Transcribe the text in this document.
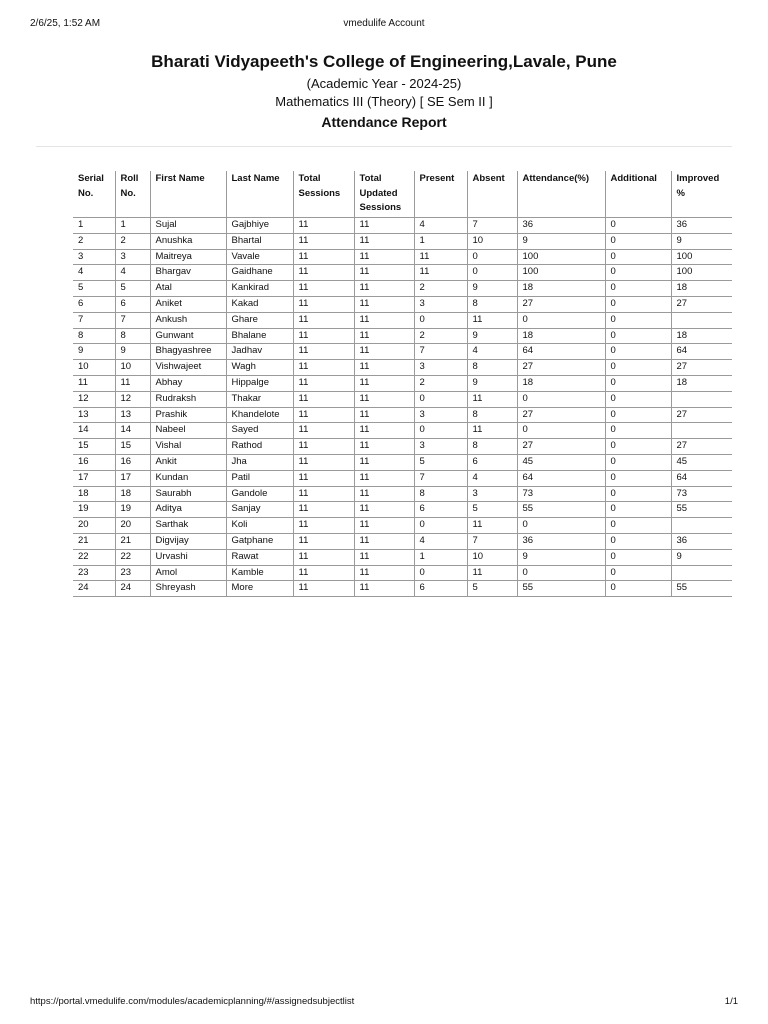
2/6/25, 1:52 AM	vmedulife Account
Bharati Vidyapeeth's College of Engineering,Lavale, Pune
(Academic Year - 2024-25)
Mathematics III (Theory) [ SE Sem II ]
Attendance Report
Serial
No.	Roll
No.	First Name	Last Name	Total
Sessions	Total
Updated
Sessions	Present	Absent	Attendance(%)	Additional	Improved
%
1	1	Sujal	Gajbhiye	11	11	4	7	36	0	36
2	2	Anushka	Bhartal	11	11	1	10	9	0	9
3	3	Maitreya	Vavale	11	11	11	0	100	0	100
4	4	Bhargav	Gaidhane	11	11	11	0	100	0	100
5	5	Atal	Kankirad	11	11	2	9	18	0	18
6	6	Aniket	Kakad	11	11	3	8	27	0	27
7	7	Ankush	Ghare	11	11	0	11	0	0	
8	8	Gunwant	Bhalane	11	11	2	9	18	0	18
9	9	Bhagyashree	Jadhav	11	11	7	4	64	0	64
10	10	Vishwajeet	Wagh	11	11	3	8	27	0	27
11	11	Abhay	Hippalge	11	11	2	9	18	0	18
12	12	Rudraksh	Thakar	11	11	0	11	0	0	
13	13	Prashik	Khandelote	11	11	3	8	27	0	27
14	14	Nabeel	Sayed	11	11	0	11	0	0	
15	15	Vishal	Rathod	11	11	3	8	27	0	27
16	16	Ankit	Jha	11	11	5	6	45	0	45
17	17	Kundan	Patil	11	11	7	4	64	0	64
18	18	Saurabh	Gandole	11	11	8	3	73	0	73
19	19	Aditya	Sanjay	11	11	6	5	55	0	55
20	20	Sarthak	Koli	11	11	0	11	0	0	
21	21	Digvijay	Gatphane	11	11	4	7	36	0	36
22	22	Urvashi	Rawat	11	11	1	10	9	0	9
23	23	Amol	Kamble	11	11	0	11	0	0	
24	24	Shreyash	More	11	11	6	5	55	0	55
https://portal.vmedulife.com/modules/academicplanning/#/assignedsubjectlist	1/1
